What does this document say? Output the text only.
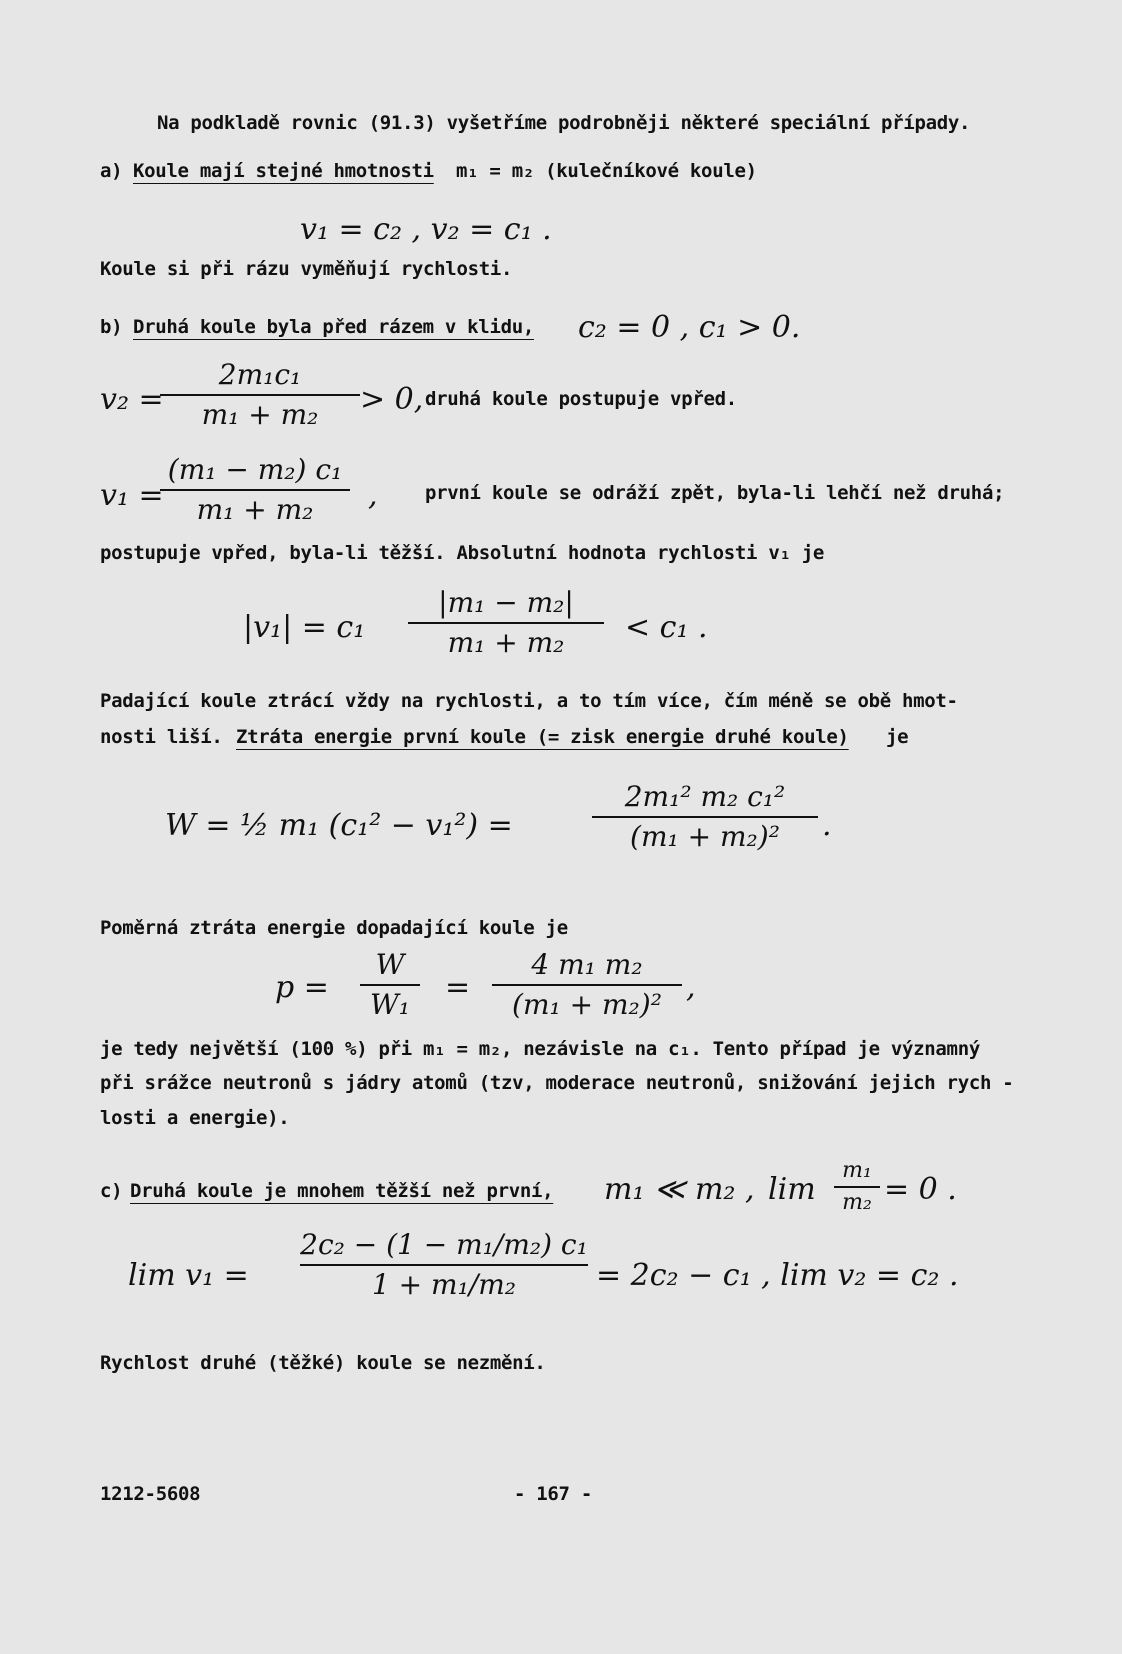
Na podkladě rovnic (91.3) vyšetříme podrobněji některé speciální případy.
a) Koule mají stejné hmotnosti m₁ = m₂ (kulečníkové koule)
v₁ = c₂ , v₂ = c₁ .
Koule si při rázu vyměňují rychlosti.
b) Druhá koule byla před rázem v klidu, c₂ = 0 , c₁ > 0.
v₂ =
2m₁c₁
m₁ + m₂ > 0, druhá koule postupuje vpřed.
v₁ =
(m₁ − m₂) c₁
m₁ + m₂ , první koule se odráží zpět, byla-li lehčí než druhá;
postupuje vpřed, byla-li těžší. Absolutní hodnota rychlosti v₁ je
|v₁| = c₁
|m₁ − m₂|
m₁ + m₂ < c₁ .
Padající koule ztrácí vždy na rychlosti, a to tím více, čím méně se obě hmot-
nosti liší. Ztráta energie první koule (= zisk energie druhé koule) je
W = ½ m₁ (c₁² − v₁²) =
2m₁² m₂ c₁²
(m₁ + m₂)² .
Poměrná ztráta energie dopadající koule je
p =
W
W₁ =
4 m₁ m₂
(m₁ + m₂)² ,
je tedy největší (100 %) při m₁ = m₂, nezávisle na c₁. Tento případ je významný
při srážce neutronů s jádry atomů (tzv, moderace neutronů, snižování jejich rych -
losti a energie).
c) Druhá koule je mnohem těžší než první, m₁ ≪ m₂ , lim
m₁
m₂ = 0 .
lim v₁ =
2c₂ − (1 − m₁/m₂) c₁
1 + m₁/m₂	= 2c₂ − c₁ , lim v₂ = c₂ .
Rychlost druhé (těžké) koule se nezmění.
1212-5608	- 167 -
